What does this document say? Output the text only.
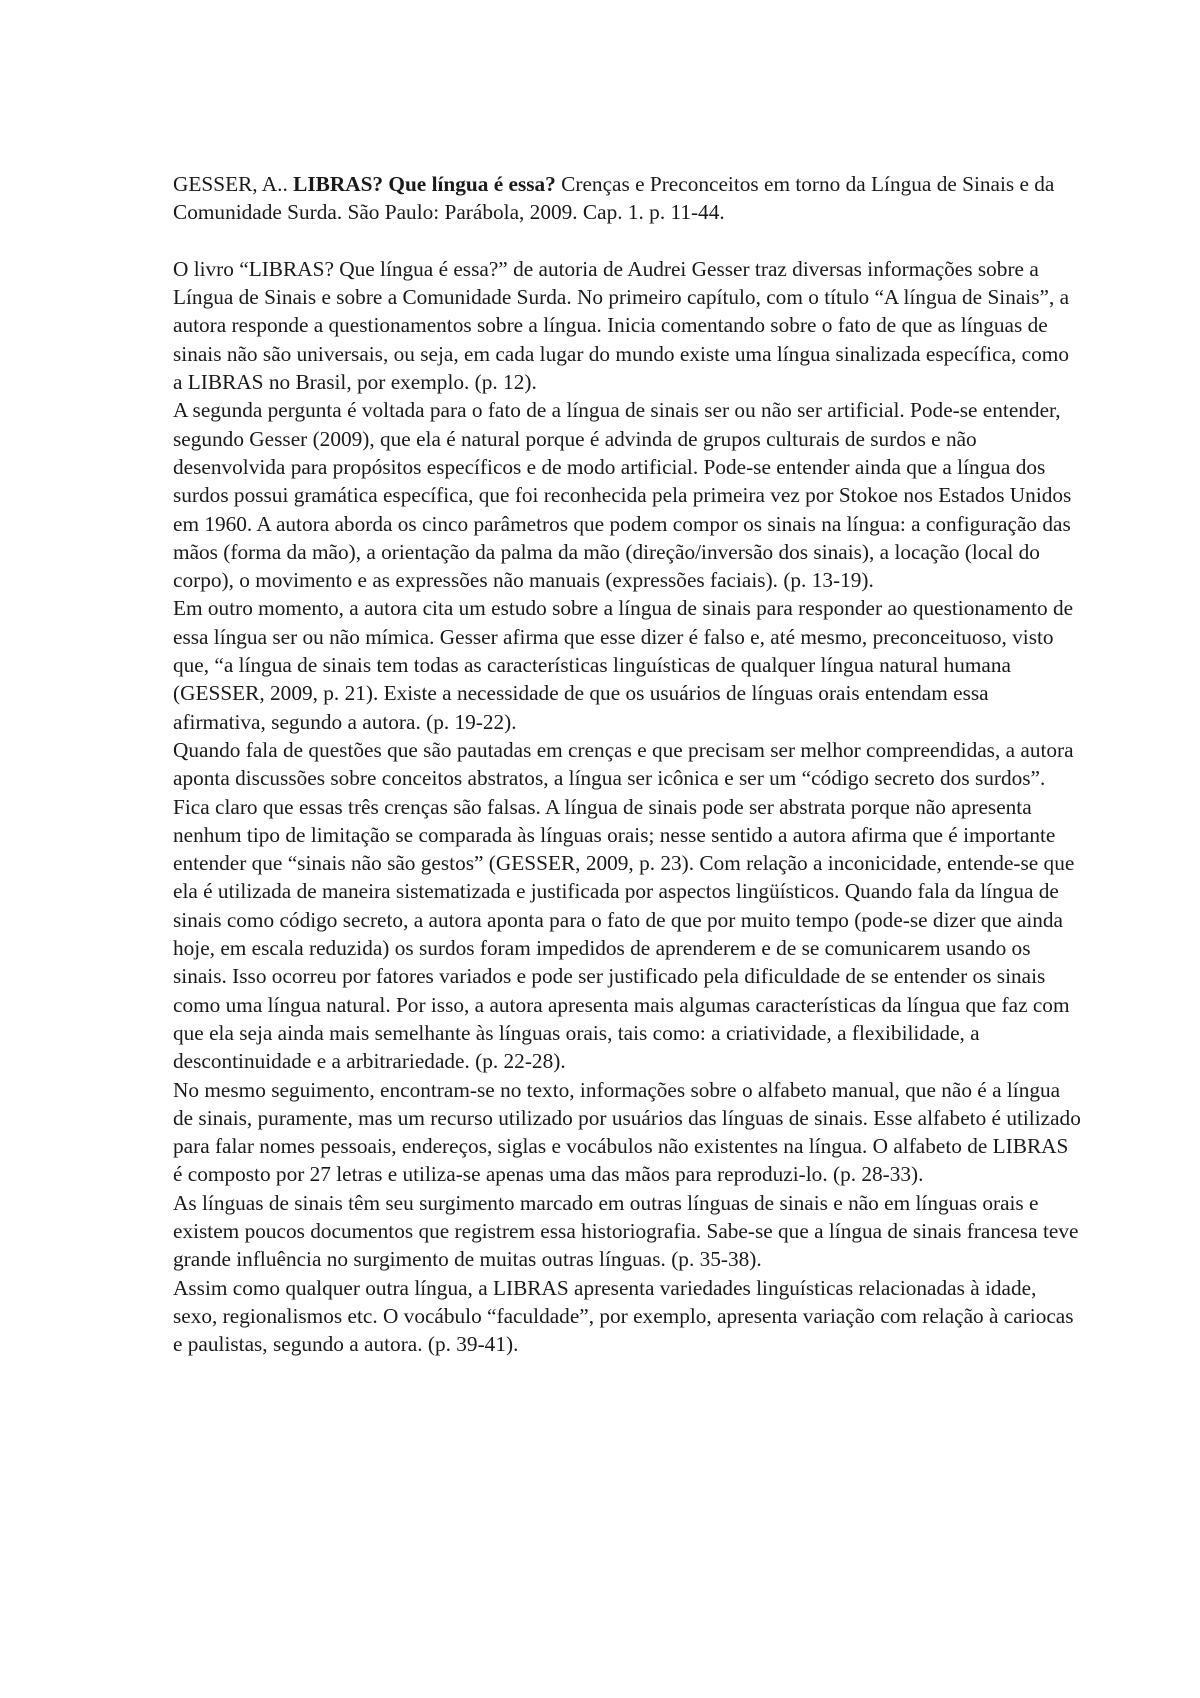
GESSER, A.. LIBRAS? Que língua é essa? Crenças e Preconceitos em torno da Língua de Sinais e da Comunidade Surda. São Paulo: Parábola, 2009. Cap. 1. p. 11-44.

O livro “LIBRAS? Que língua é essa?” de autoria de Audrei Gesser traz diversas informações sobre a Língua de Sinais e sobre a Comunidade Surda. No primeiro capítulo, com o título “A língua de Sinais”, a autora responde a questionamentos sobre a língua. Inicia comentando sobre o fato de que as línguas de sinais não são universais, ou seja, em cada lugar do mundo existe uma língua sinalizada específica, como a LIBRAS no Brasil, por exemplo. (p. 12).

A segunda pergunta é voltada para o fato de a língua de sinais ser ou não ser artificial. Pode-se entender, segundo Gesser (2009), que ela é natural porque é advinda de grupos culturais de surdos e não desenvolvida para propósitos específicos e de modo artificial. Pode-se entender ainda que a língua dos surdos possui gramática específica, que foi reconhecida pela primeira vez por Stokoe nos Estados Unidos em 1960. A autora aborda os cinco parâmetros que podem compor os sinais na língua: a configuração das mãos (forma da mão), a orientação da palma da mão (direção/inversão dos sinais), a locação (local do corpo), o movimento e as expressões não manuais (expressões faciais). (p. 13-19).

Em outro momento, a autora cita um estudo sobre a língua de sinais para responder ao questionamento de essa língua ser ou não mímica. Gesser afirma que esse dizer é falso e, até mesmo, preconceituoso, visto que, “a língua de sinais tem todas as características linguísticas de qualquer língua natural humana (GESSER, 2009, p. 21). Existe a necessidade de que os usuários de línguas orais entendam essa afirmativa, segundo a autora. (p. 19-22).

Quando fala de questões que são pautadas em crenças e que precisam ser melhor compreendidas, a autora aponta discussões sobre conceitos abstratos, a língua ser icônica e ser um “código secreto dos surdos”. Fica claro que essas três crenças são falsas. A língua de sinais pode ser abstrata porque não apresenta nenhum tipo de limitação se comparada às línguas orais; nesse sentido a autora afirma que é importante entender que “sinais não são gestos” (GESSER, 2009, p. 23). Com relação a inconicidade, entende-se que ela é utilizada de maneira sistematizada e justificada por aspectos lingüísticos. Quando fala da língua de sinais como código secreto, a autora aponta para o fato de que por muito tempo (pode-se dizer que ainda hoje, em escala reduzida) os surdos foram impedidos de aprenderem e de se comunicarem usando os sinais. Isso ocorreu por fatores variados e pode ser justificado pela dificuldade de se entender os sinais como uma língua natural. Por isso, a autora apresenta mais algumas características da língua que faz com que ela seja ainda mais semelhante às línguas orais, tais como: a criatividade, a flexibilidade, a descontinuidade e a arbitrariedade. (p. 22-28).

No mesmo seguimento, encontram-se no texto, informações sobre o alfabeto manual, que não é a língua de sinais, puramente, mas um recurso utilizado por usuários das línguas de sinais. Esse alfabeto é utilizado para falar nomes pessoais, endereços, siglas e vocábulos não existentes na língua. O alfabeto de LIBRAS é composto por 27 letras e utiliza-se apenas uma das mãos para reproduzi-lo. (p. 28-33).

As línguas de sinais têm seu surgimento marcado em outras línguas de sinais e não em línguas orais e existem poucos documentos que registrem essa historiografia. Sabe-se que a língua de sinais francesa teve grande influência no surgimento de muitas outras línguas. (p. 35-38).

Assim como qualquer outra língua, a LIBRAS apresenta variedades linguísticas relacionadas à idade, sexo, regionalismos etc. O vocábulo “faculdade”, por exemplo, apresenta variação com relação à cariocas e paulistas, segundo a autora. (p. 39-41).
